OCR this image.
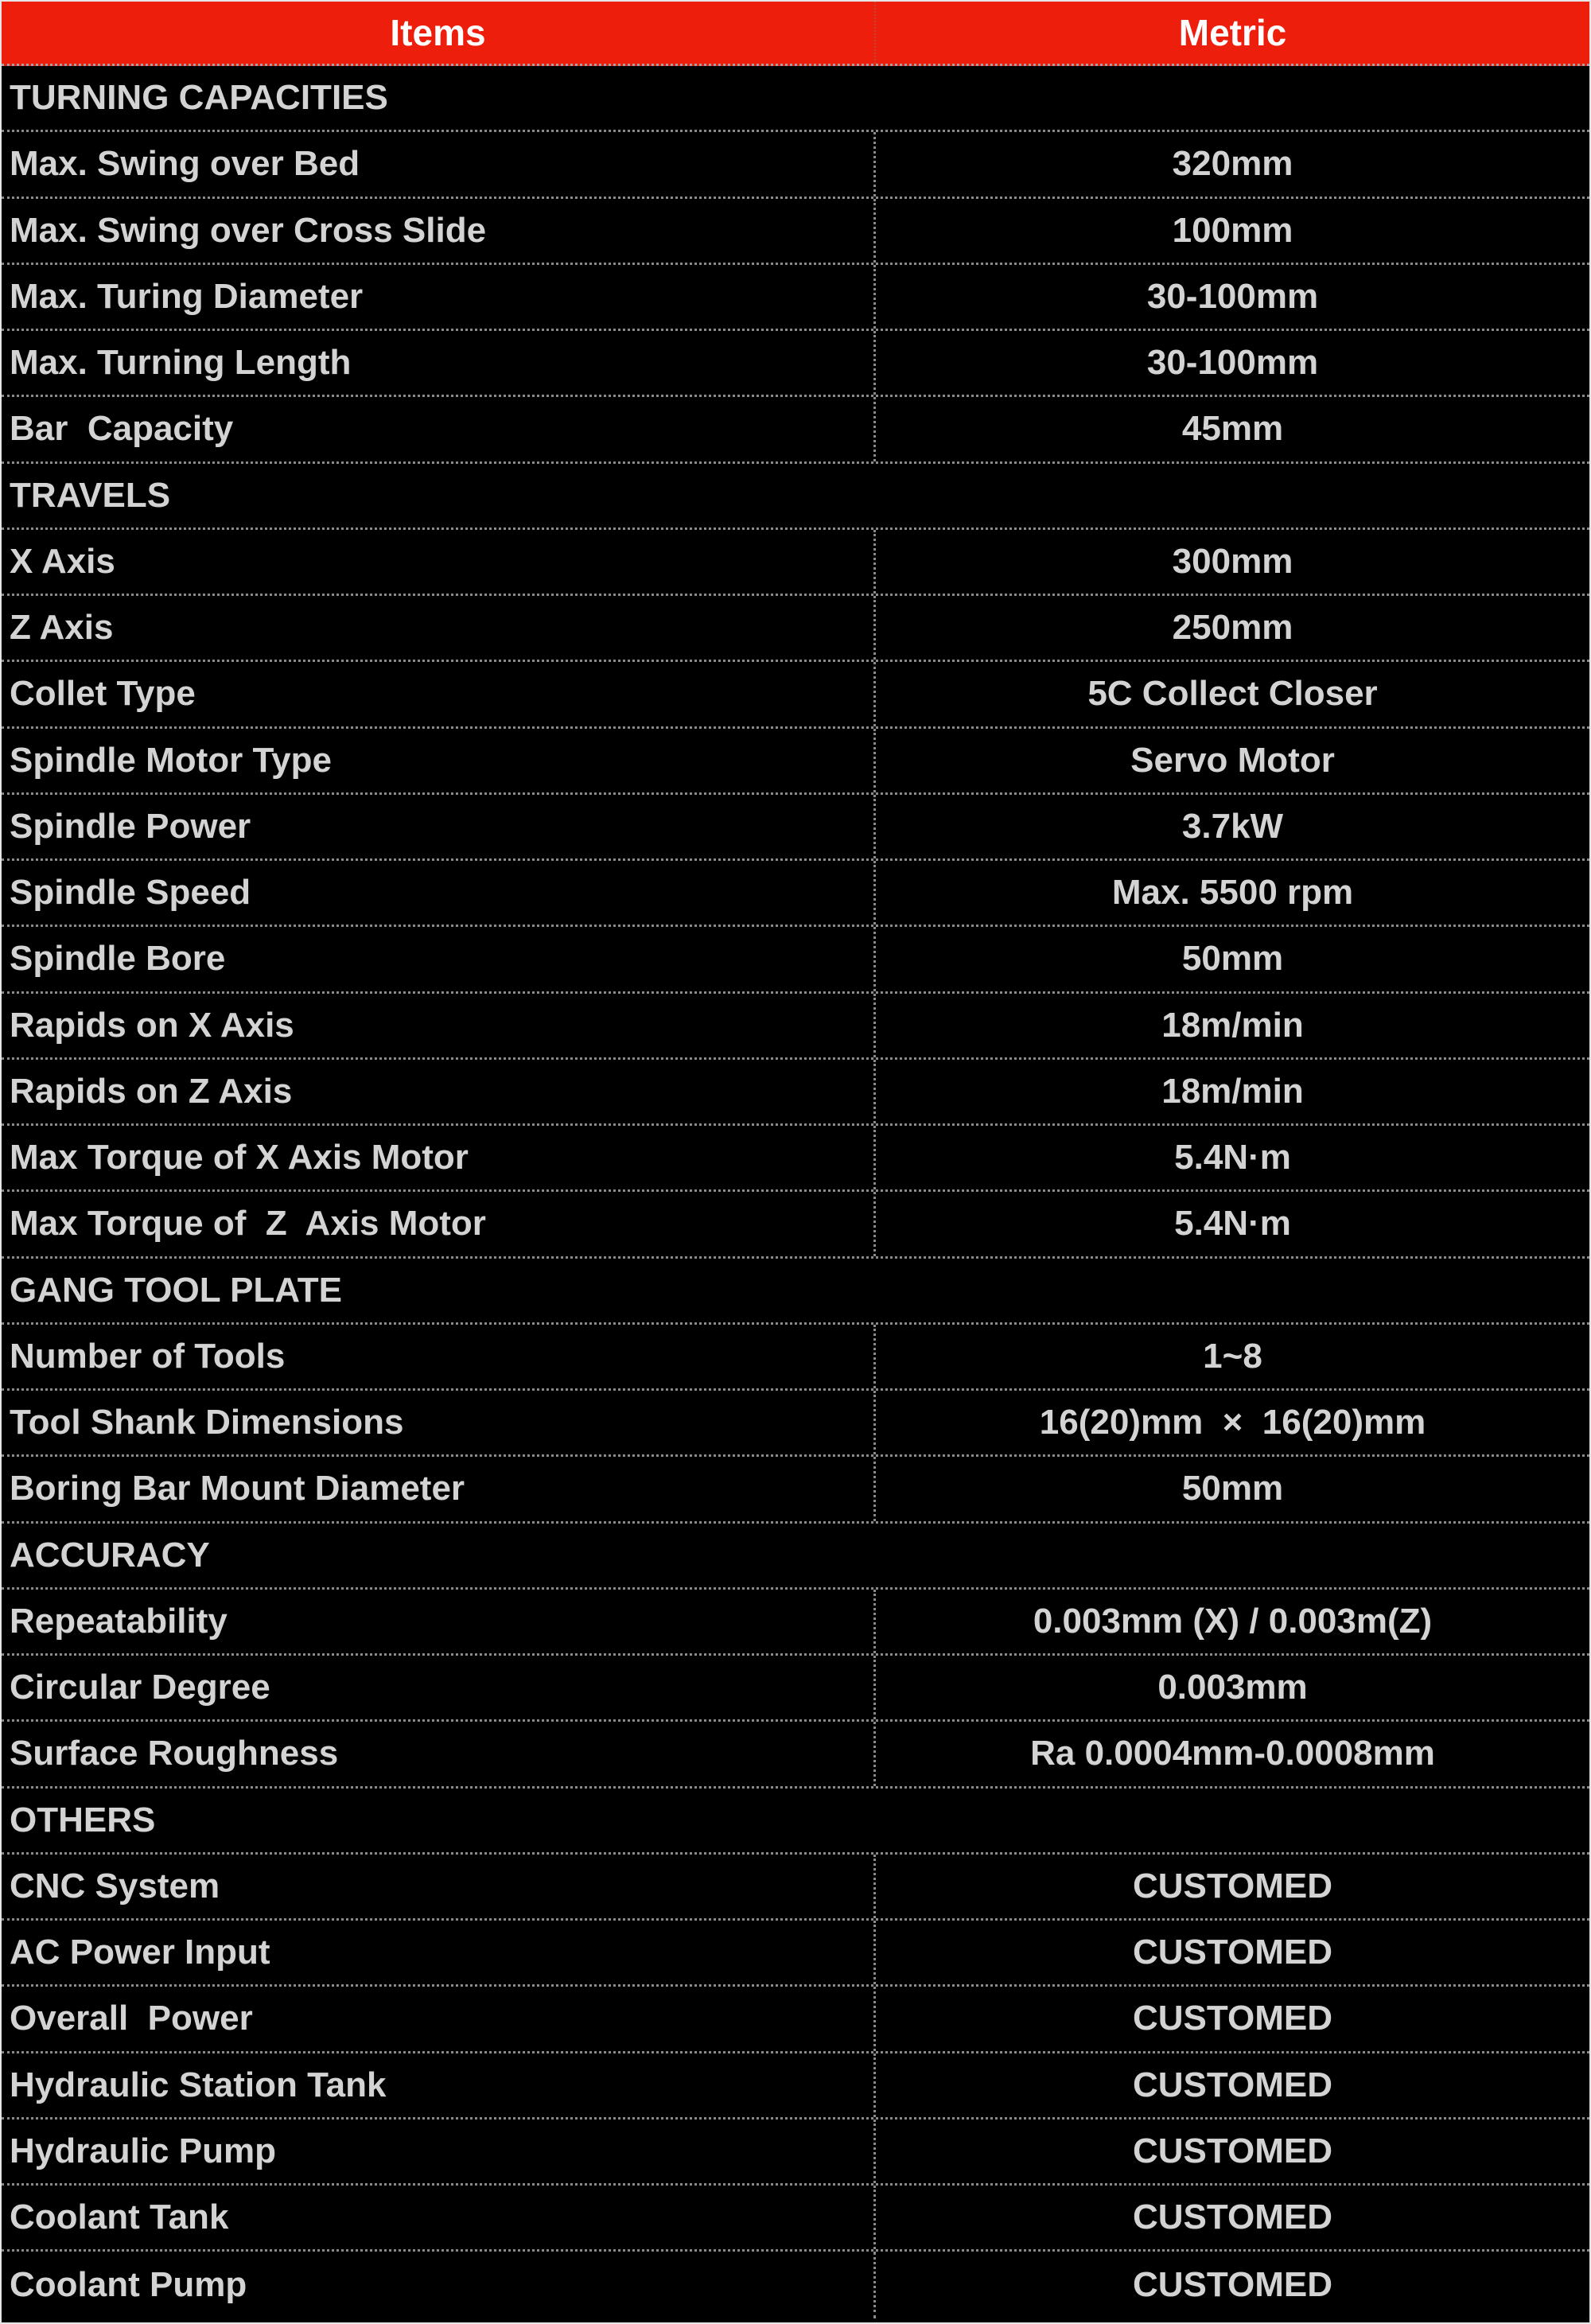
Items	Metric
TURNING CAPACITIES
Max. Swing over Bed	320mm
Max. Swing over Cross Slide	100mm
Max. Turing Diameter	30-100mm
Max. Turning Length	30-100mm
Bar  Capacity	45mm
TRAVELS
X Axis	300mm
Z Axis	250mm
Collet Type	5C Collect Closer
Spindle Motor Type	Servo Motor
Spindle Power	3.7kW
Spindle Speed	Max. 5500 rpm
Spindle Bore	50mm
Rapids on X Axis	18m/min
Rapids on Z Axis	18m/min
Max Torque of X Axis Motor	5.4N·m
Max Torque of  Z  Axis Motor	5.4N·m
GANG TOOL PLATE
Number of Tools	1~8
Tool Shank Dimensions	16(20)mm  ×  16(20)mm
Boring Bar Mount Diameter	50mm
ACCURACY
Repeatability	0.003mm (X) / 0.003m(Z)
Circular Degree	0.003mm
Surface Roughness	Ra 0.0004mm-0.0008mm
OTHERS
CNC System	CUSTOMED
AC Power Input	CUSTOMED
Overall  Power	CUSTOMED
Hydraulic Station Tank	CUSTOMED
Hydraulic Pump	CUSTOMED
Coolant Tank	CUSTOMED
Coolant Pump	CUSTOMED
